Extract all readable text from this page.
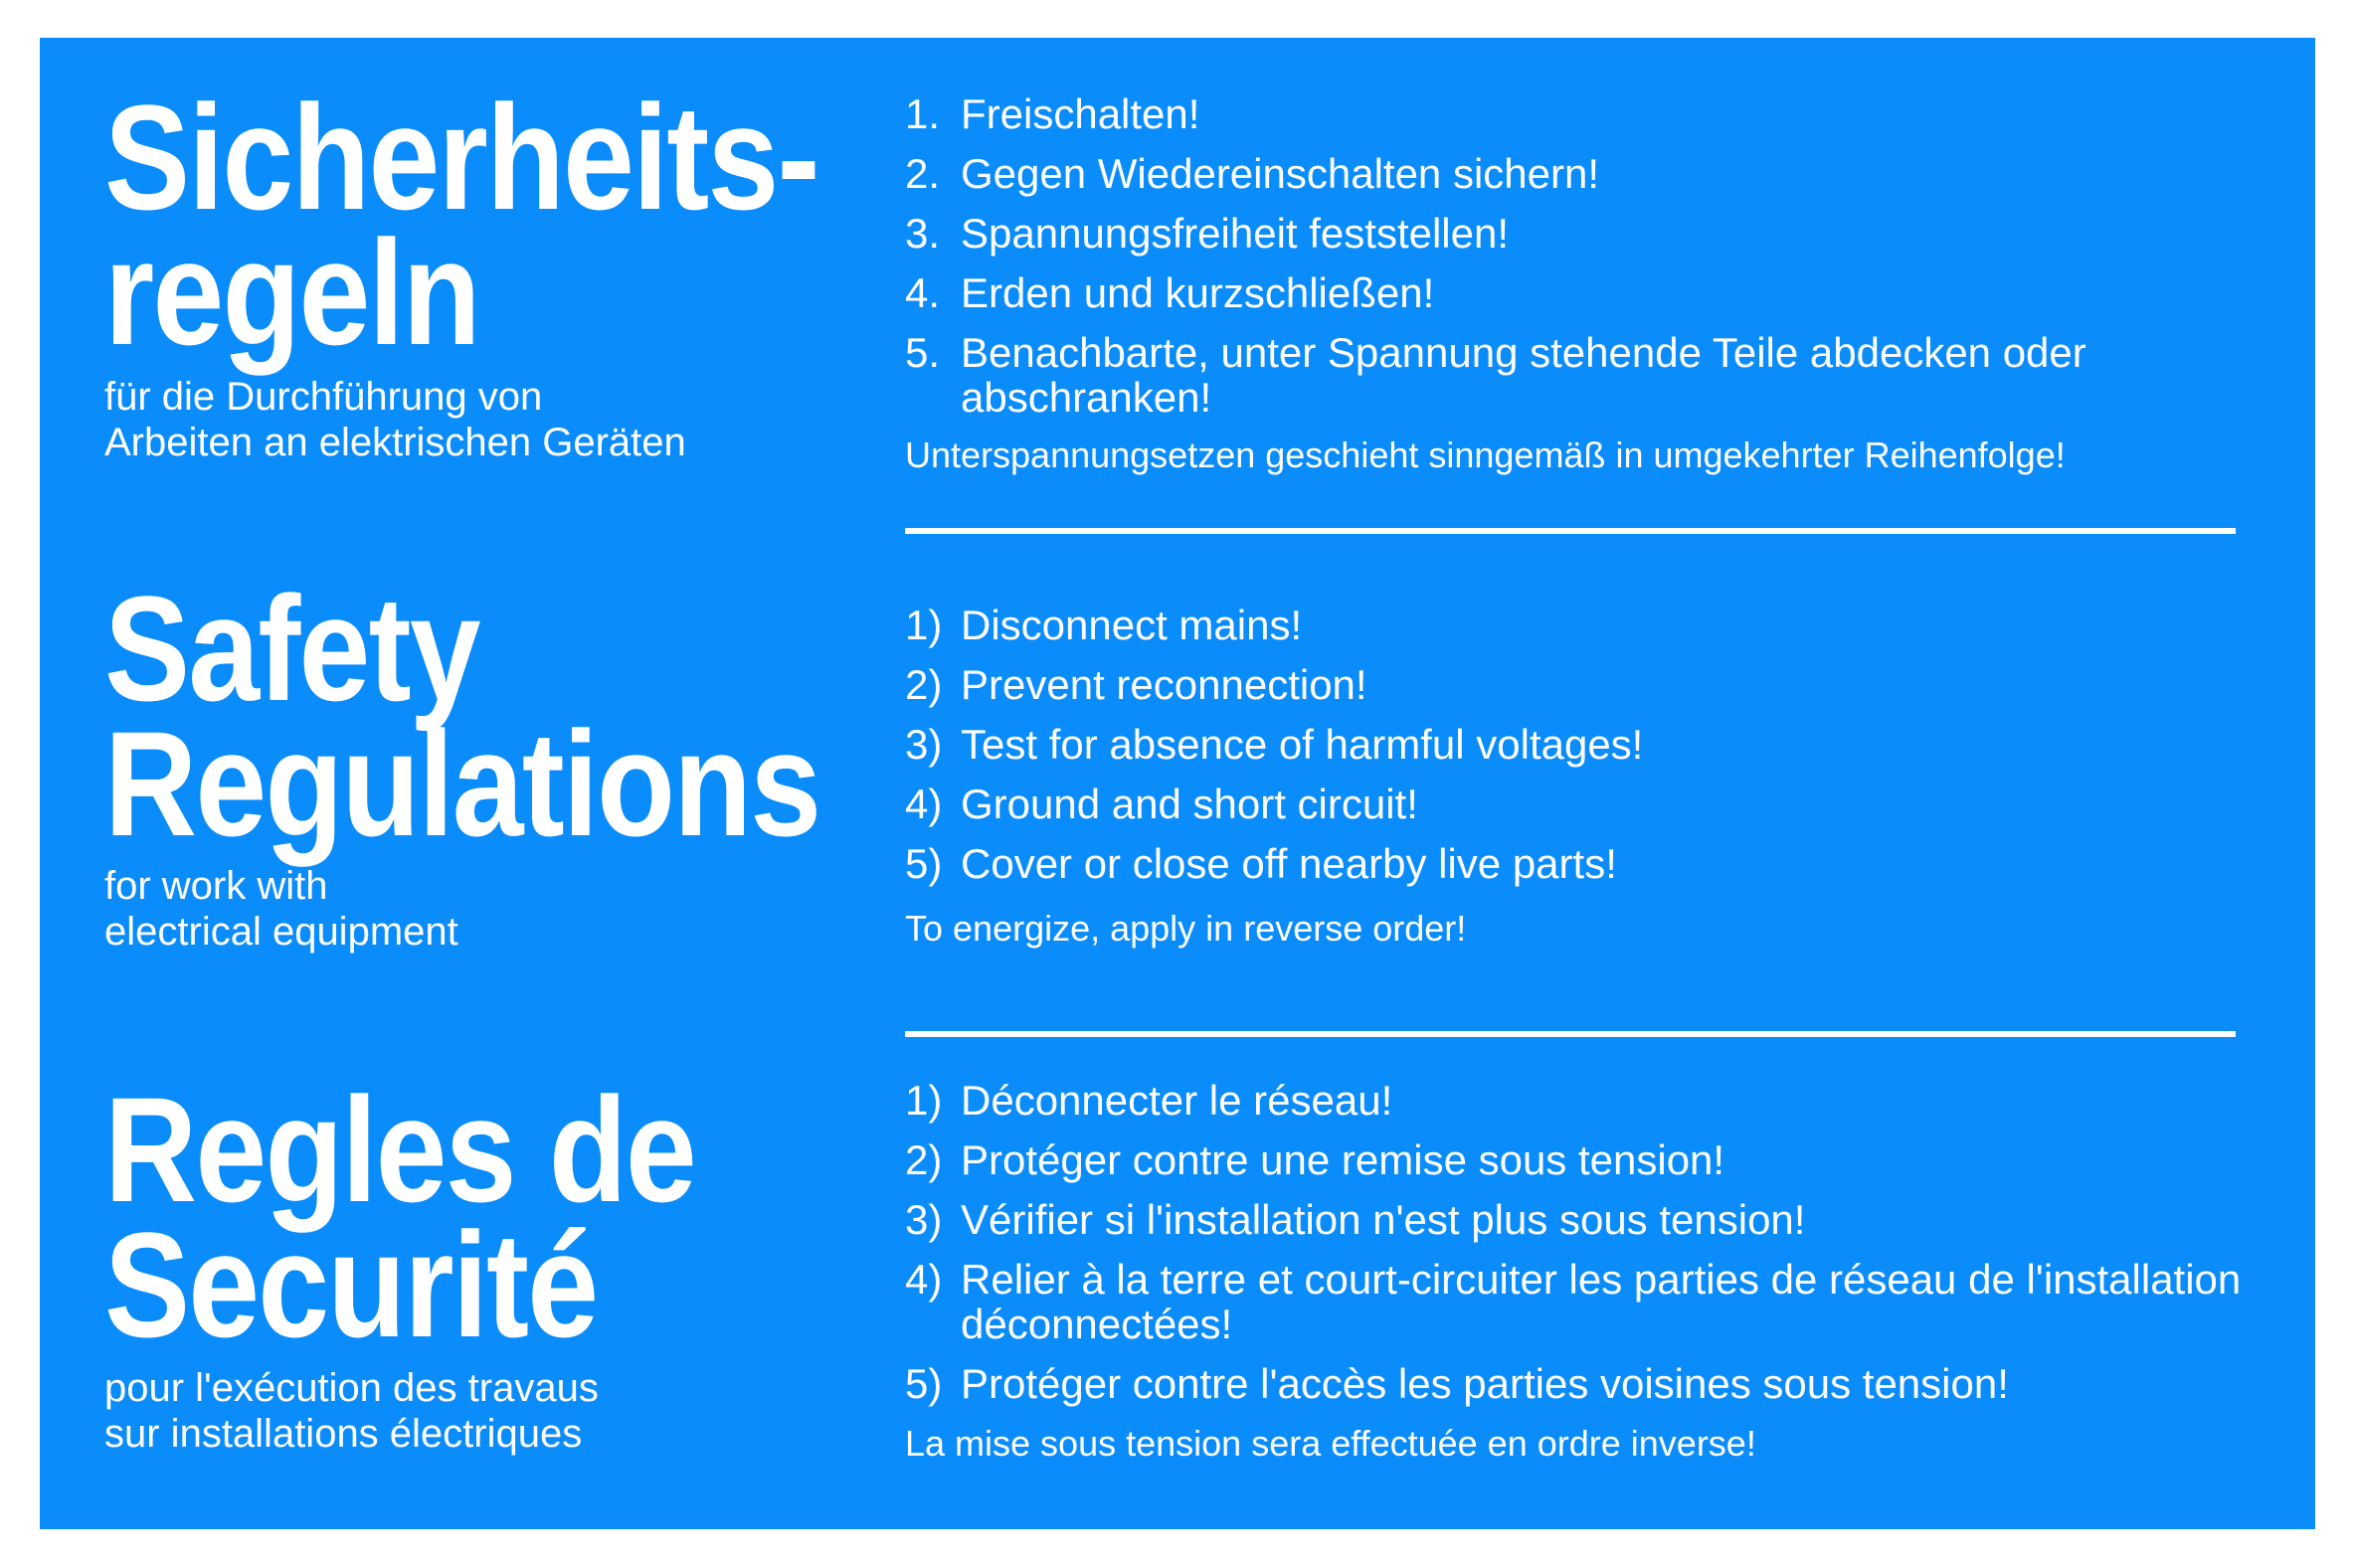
Sicherheits-
regeln

für die Durchführung von
Arbeiten an elektrischen Geräten

1. Freischalten!
2. Gegen Wiedereinschalten sichern!
3. Spannungsfreiheit feststellen!
4. Erden und kurzschließen!
5. Benachbarte, unter Spannung stehende Teile abdecken oder abschranken!

Unterspannungsetzen geschieht sinngemäß in umgekehrter Reihenfolge!

Safety
Regulations

for work with
electrical equipment

1) Disconnect mains!
2) Prevent reconnection!
3) Test for absence of harmful voltages!
4) Ground and short circuit!
5) Cover or close off nearby live parts!

To energize, apply in reverse order!

Regles de
Securité

pour l'exécution des travaus
sur installations électriques

1) Déconnecter le réseau!
2) Protéger contre une remise sous tension!
3) Vérifier si l'installation n'est plus sous tension!
4) Relier à la terre et court-circuiter les parties de réseau de l'installation déconnectées!
5) Protéger contre l'accès les parties voisines sous tension!

La mise sous tension sera effectuée en ordre inverse!
